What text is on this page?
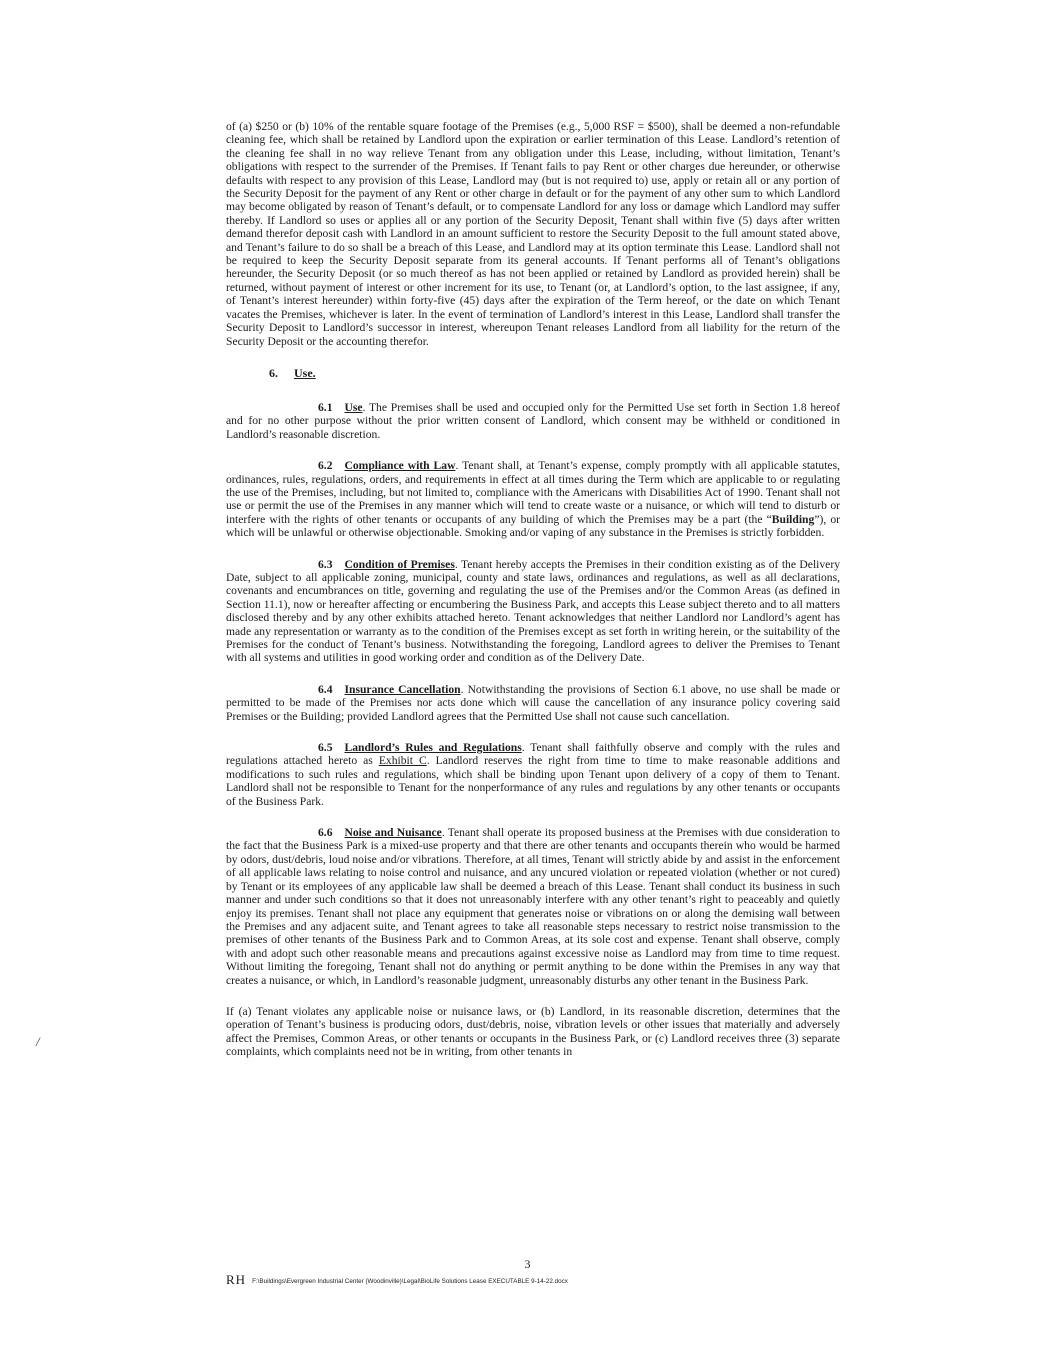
of (a) $250 or (b) 10% of the rentable square footage of the Premises (e.g., 5,000 RSF = $500), shall be deemed a non-refundable cleaning fee, which shall be retained by Landlord upon the expiration or earlier termination of this Lease. Landlord’s retention of the cleaning fee shall in no way relieve Tenant from any obligation under this Lease, including, without limitation, Tenant’s obligations with respect to the surrender of the Premises. If Tenant fails to pay Rent or other charges due hereunder, or otherwise defaults with respect to any provision of this Lease, Landlord may (but is not required to) use, apply or retain all or any portion of the Security Deposit for the payment of any Rent or other charge in default or for the payment of any other sum to which Landlord may become obligated by reason of Tenant’s default, or to compensate Landlord for any loss or damage which Landlord may suffer thereby. If Landlord so uses or applies all or any portion of the Security Deposit, Tenant shall within five (5) days after written demand therefor deposit cash with Landlord in an amount sufficient to restore the Security Deposit to the full amount stated above, and Tenant’s failure to do so shall be a breach of this Lease, and Landlord may at its option terminate this Lease. Landlord shall not be required to keep the Security Deposit separate from its general accounts. If Tenant performs all of Tenant’s obligations hereunder, the Security Deposit (or so much thereof as has not been applied or retained by Landlord as provided herein) shall be returned, without payment of interest or other increment for its use, to Tenant (or, at Landlord’s option, to the last assignee, if any, of Tenant’s interest hereunder) within forty-five (45) days after the expiration of the Term hereof, or the date on which Tenant vacates the Premises, whichever is later. In the event of termination of Landlord’s interest in this Lease, Landlord shall transfer the Security Deposit to Landlord’s successor in interest, whereupon Tenant releases Landlord from all liability for the return of the Security Deposit or the accounting therefor.

6. Use.

6.1 Use. The Premises shall be used and occupied only for the Permitted Use set forth in Section 1.8 hereof and for no other purpose without the prior written consent of Landlord, which consent may be withheld or conditioned in Landlord’s reasonable discretion.

6.2 Compliance with Law. Tenant shall, at Tenant’s expense, comply promptly with all applicable statutes, ordinances, rules, regulations, orders, and requirements in effect at all times during the Term which are applicable to or regulating the use of the Premises, including, but not limited to, compliance with the Americans with Disabilities Act of 1990. Tenant shall not use or permit the use of the Premises in any manner which will tend to create waste or a nuisance, or which will tend to disturb or interfere with the rights of other tenants or occupants of any building of which the Premises may be a part (the “Building”), or which will be unlawful or otherwise objectionable. Smoking and/or vaping of any substance in the Premises is strictly forbidden.

6.3 Condition of Premises. Tenant hereby accepts the Premises in their condition existing as of the Delivery Date, subject to all applicable zoning, municipal, county and state laws, ordinances and regulations, as well as all declarations, covenants and encumbrances on title, governing and regulating the use of the Premises and/or the Common Areas (as defined in Section 11.1), now or hereafter affecting or encumbering the Business Park, and accepts this Lease subject thereto and to all matters disclosed thereby and by any other exhibits attached hereto. Tenant acknowledges that neither Landlord nor Landlord’s agent has made any representation or warranty as to the condition of the Premises except as set forth in writing herein, or the suitability of the Premises for the conduct of Tenant’s business. Notwithstanding the foregoing, Landlord agrees to deliver the Premises to Tenant with all systems and utilities in good working order and condition as of the Delivery Date.

6.4 Insurance Cancellation. Notwithstanding the provisions of Section 6.1 above, no use shall be made or permitted to be made of the Premises nor acts done which will cause the cancellation of any insurance policy covering said Premises or the Building; provided Landlord agrees that the Permitted Use shall not cause such cancellation.

6.5 Landlord’s Rules and Regulations. Tenant shall faithfully observe and comply with the rules and regulations attached hereto as Exhibit C. Landlord reserves the right from time to time to make reasonable additions and modifications to such rules and regulations, which shall be binding upon Tenant upon delivery of a copy of them to Tenant. Landlord shall not be responsible to Tenant for the nonperformance of any rules and regulations by any other tenants or occupants of the Business Park.

6.6 Noise and Nuisance. Tenant shall operate its proposed business at the Premises with due consideration to the fact that the Business Park is a mixed-use property and that there are other tenants and occupants therein who would be harmed by odors, dust/debris, loud noise and/or vibrations. Therefore, at all times, Tenant will strictly abide by and assist in the enforcement of all applicable laws relating to noise control and nuisance, and any uncured violation or repeated violation (whether or not cured) by Tenant or its employees of any applicable law shall be deemed a breach of this Lease. Tenant shall conduct its business in such manner and under such conditions so that it does not unreasonably interfere with any other tenant’s right to peaceably and quietly enjoy its premises. Tenant shall not place any equipment that generates noise or vibrations on or along the demising wall between the Premises and any adjacent suite, and Tenant agrees to take all reasonable steps necessary to restrict noise transmission to the premises of other tenants of the Business Park and to Common Areas, at its sole cost and expense. Tenant shall observe, comply with and adopt such other reasonable means and precautions against excessive noise as Landlord may from time to time request. Without limiting the foregoing, Tenant shall not do anything or permit anything to be done within the Premises in any way that creates a nuisance, or which, in Landlord’s reasonable judgment, unreasonably disturbs any other tenant in the Business Park.

If (a) Tenant violates any applicable noise or nuisance laws, or (b) Landlord, in its reasonable discretion, determines that the operation of Tenant’s business is producing odors, dust/debris, noise, vibration levels or other issues that materially and adversely affect the Premises, Common Areas, or other tenants or occupants in the Business Park, or (c) Landlord receives three (3) separate complaints, which complaints need not be in writing, from other tenants in

/
3
RH F:\Buildings\Evergreen Industrial Center (Woodinville)\Legal\BioLife Solutions Lease EXECUTABLE 9-14-22.docx
